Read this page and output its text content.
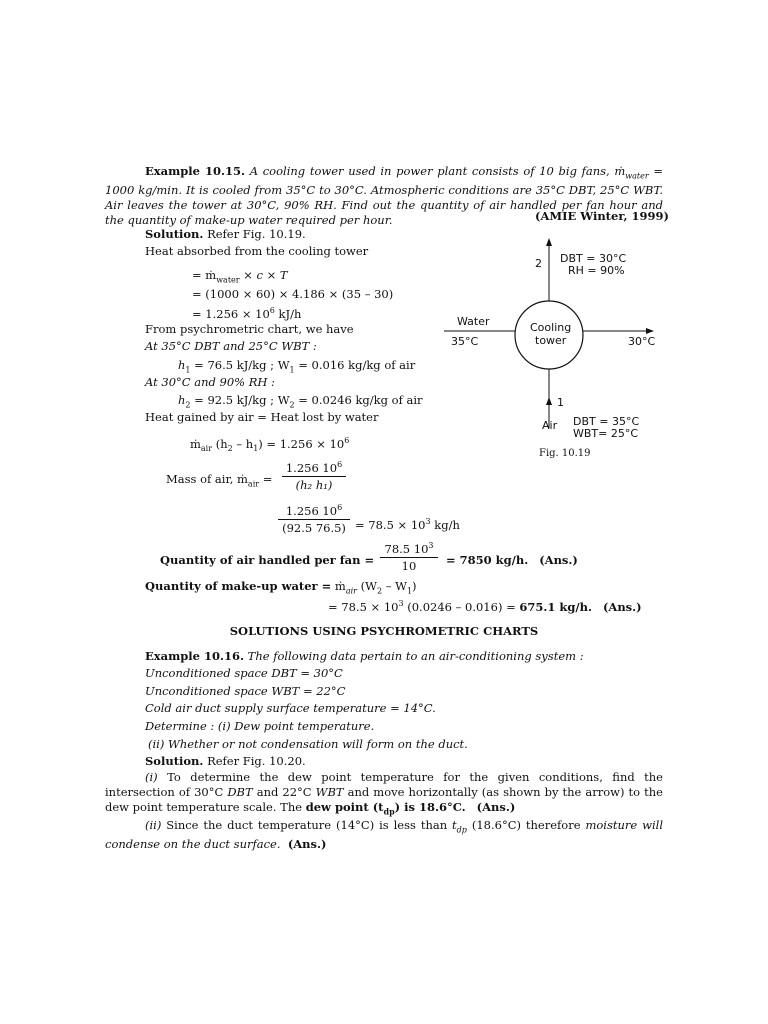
Example 10.15. A cooling tower used in power plant consists of 10 big fans, ṁ$_{water}$ = 1000 kg/min. It is cooled from 35°C to 30°C. Atmospheric conditions are 35°C DBT, 25°C WBT. Air leaves the tower at 30°C, 90% RH. Find out the quantity of air handled per fan hour and the quantity of make-up water required per hour.	(AMIE Winter, 1999)
Solution. Refer Fig. 10.19.
Heat absorbed from the cooling tower
= ṁ$_{water}$ × c × T
= (1000 × 60) × 4.186 × (35 – 30)
= $1.256 \times 10^6$ kJ/h
From psychrometric chart, we have
At 35°C DBT and 25°C WBT :
$h_1 = 76.5$ kJ/kg ; $W_1 = 0.016$ kg/kg of air
At 30°C and 90% RH :
$h_2 = 92.5$ kJ/kg ; $W_2 = 0.0246$ kg/kg of air
Heat gained by air = Heat lost by water
ṁ$_{air}$ $(h_2 - h_1) = 1.256 \times 10^6$
Mass of air, ṁ$_{air}$ =
1.256 $10^6$
(h₂ h₁)
1.256 $10^6$
(92.5 $76.5) = 78.5 \times 10^3$ kg/h
Quantity of air handled per fan =
78.5 $10^3$
10	= 7850 kg/h. (Ans.)
Quantity of make-up water = ṁ$_{air}$ $(W_2 - W_1)$
= $78.5 \times 10^3$ (0.0246 – 0.016) = 675.1 kg/h. (Ans.)
2 DBT = 30°C
RH = 90%
Water
35°C
Cooling
tower	30°C
1
Air DBT = 35°C
WBT= 25°C
Fig. 10.19
SOLUTIONS USING PSYCHROMETRIC CHARTS
Example 10.16. The following data pertain to an air-conditioning system :
Unconditioned space DBT = 30°C
Unconditioned space WBT = 22°C
Cold air duct supply surface temperature = 14°C.
Determine : (i) Dew point temperature.
(ii) Whether or not condensation will form on the duct.
Solution. Refer Fig. 10.20.
(i) To determine the dew point temperature for the given conditions, find the intersection of 30°C DBT and 22°C WBT and move horizontally (as shown by the arrow) to the dew point temperature scale. The dew point $(t_{dp})$ is 18.6°C. (Ans.)
(ii) Since the duct temperature (14°C) is less than $t_{dp}$ (18.6°C) therefore moisture will condense on the duct surface. (Ans.)
